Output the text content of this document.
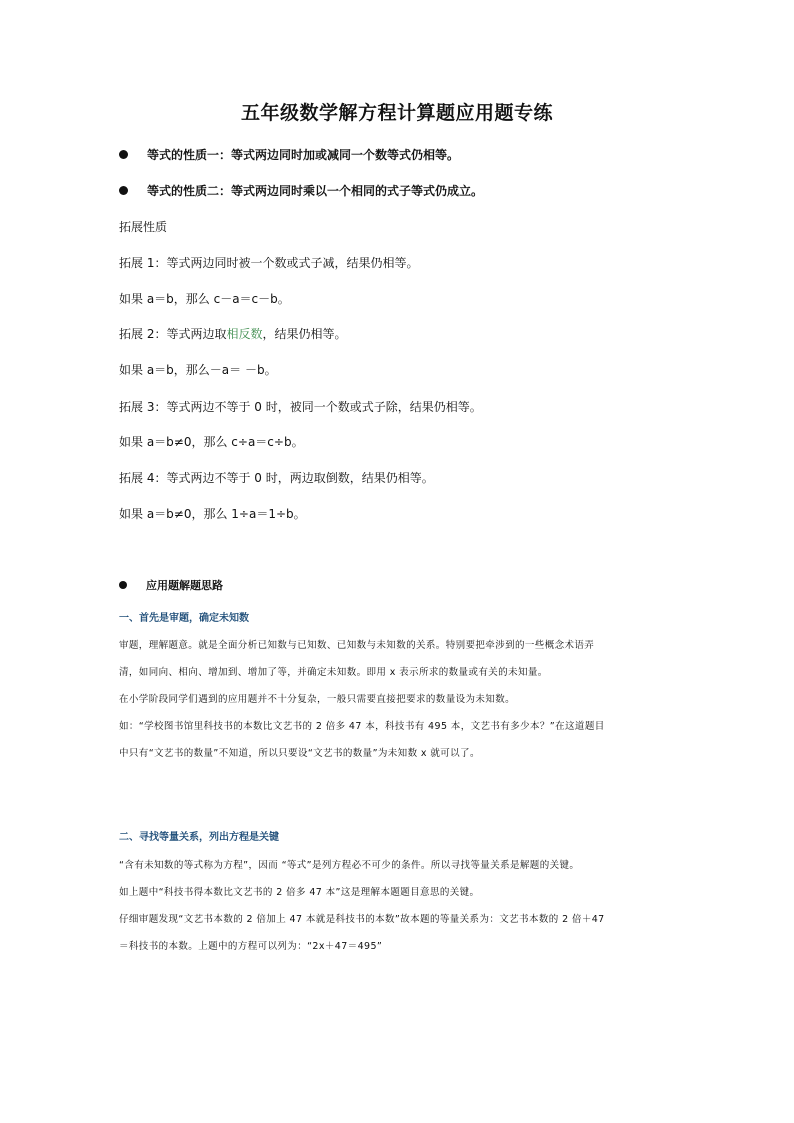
五年级数学解方程计算题应用题专练
等式的性质一：等式两边同时加或减同一个数等式仍相等。
等式的性质二：等式两边同时乘以一个相同的式子等式仍成立。
拓展性质
拓展 1：等式两边同时被一个数或式子减，结果仍相等。
如果 a＝b，那么 c－a＝c－b。
拓展 2：等式两边取相反数，结果仍相等。
如果 a＝b，那么－a＝ －b。
拓展 3：等式两边不等于 0 时，被同一个数或式子除，结果仍相等。
如果 a＝b≠0，那么 c÷a＝c÷b。
拓展 4：等式两边不等于 0 时，两边取倒数，结果仍相等。
如果 a＝b≠0，那么 1÷a＝1÷b。
应用题解题思路
一、首先是审题，确定未知数
审题，理解题意。就是全面分析已知数与已知数、已知数与未知数的关系。特别要把牵涉到的一些概念术语弄
清，如同向、相向、增加到、增加了等，并确定未知数。即用 x 表示所求的数量或有关的未知量。
在小学阶段同学们遇到的应用题并不十分复杂，一般只需要直接把要求的数量设为未知数。
如：“学校图书馆里科技书的本数比文艺书的 2 倍多 47 本，科技书有 495 本，文艺书有多少本？”在这道题目
中只有“文艺书的数量”不知道，所以只要设“文艺书的数量”为未知数 x 就可以了。
二、寻找等量关系，列出方程是关键
“含有未知数的等式称为方程”，因而 “等式”是列方程必不可少的条件。所以寻找等量关系是解题的关键。
如上题中“科技书得本数比文艺书的 2 倍多 47 本”这是理解本题题目意思的关键。
仔细审题发现“文艺书本数的 2 倍加上 47 本就是科技书的本数”故本题的等量关系为：文艺书本数的 2 倍＋47
＝科技书的本数。上题中的方程可以列为：“2x＋47＝495”
